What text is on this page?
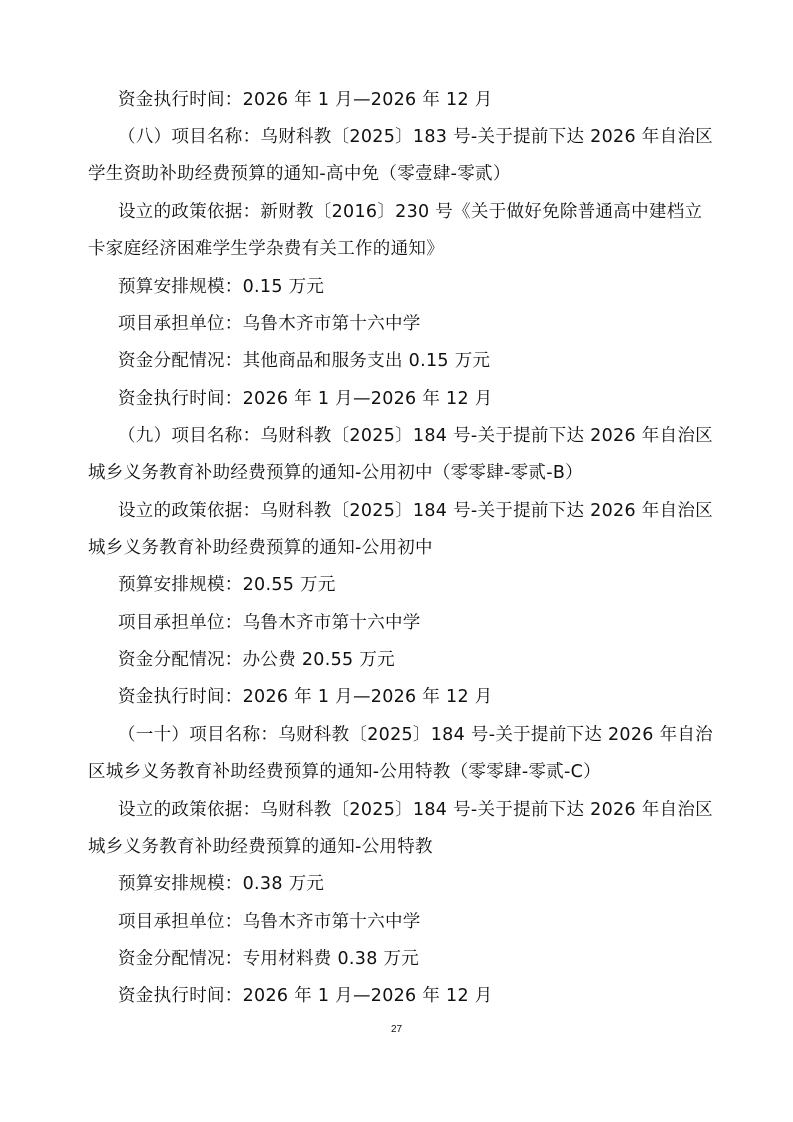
资金执行时间：2026 年 1 月—2026 年 12 月
（八）项目名称：乌财科教〔2025〕183 号-关于提前下达 2026 年自治区
学生资助补助经费预算的通知-高中免（零壹肆-零贰）
设立的政策依据：新财教〔2016〕230 号《关于做好免除普通高中建档立
卡家庭经济困难学生学杂费有关工作的通知》
预算安排规模：0.15 万元
项目承担单位：乌鲁木齐市第十六中学
资金分配情况：其他商品和服务支出 0.15 万元
资金执行时间：2026 年 1 月—2026 年 12 月
（九）项目名称：乌财科教〔2025〕184 号-关于提前下达 2026 年自治区
城乡义务教育补助经费预算的通知-公用初中（零零肆-零贰-B）
设立的政策依据：乌财科教〔2025〕184 号-关于提前下达 2026 年自治区
城乡义务教育补助经费预算的通知-公用初中
预算安排规模：20.55 万元
项目承担单位：乌鲁木齐市第十六中学
资金分配情况：办公费 20.55 万元
资金执行时间：2026 年 1 月—2026 年 12 月
（一十）项目名称：乌财科教〔2025〕184 号-关于提前下达 2026 年自治
区城乡义务教育补助经费预算的通知-公用特教（零零肆-零贰-C）
设立的政策依据：乌财科教〔2025〕184 号-关于提前下达 2026 年自治区
城乡义务教育补助经费预算的通知-公用特教
预算安排规模：0.38 万元
项目承担单位：乌鲁木齐市第十六中学
资金分配情况：专用材料费 0.38 万元
资金执行时间：2026 年 1 月—2026 年 12 月
27
